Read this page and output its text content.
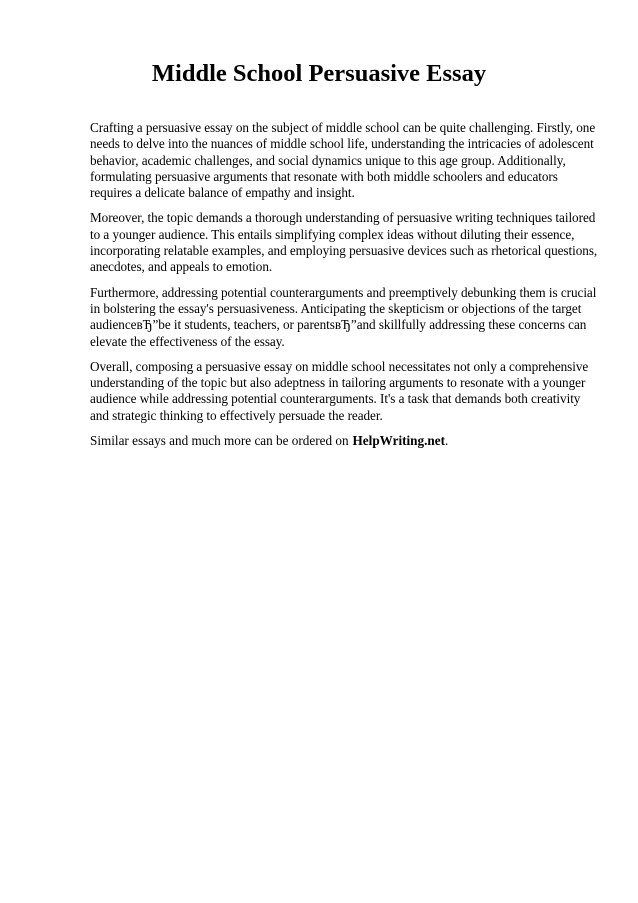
Middle School Persuasive Essay

Crafting a persuasive essay on the subject of middle school can be quite challenging. Firstly, one needs to delve into the nuances of middle school life, understanding the intricacies of adolescent behavior, academic challenges, and social dynamics unique to this age group. Additionally, formulating persuasive arguments that resonate with both middle schoolers and educators requires a delicate balance of empathy and insight.

Moreover, the topic demands a thorough understanding of persuasive writing techniques tailored to a younger audience. This entails simplifying complex ideas without diluting their essence, incorporating relatable examples, and employing persuasive devices such as rhetorical questions, anecdotes, and appeals to emotion.

Furthermore, addressing potential counterarguments and preemptively debunking them is crucial in bolstering the essay's persuasiveness. Anticipating the skepticism or objections of the target audienceвЂ”be it students, teachers, or parentsвЂ”and skillfully addressing these concerns can elevate the effectiveness of the essay.

Overall, composing a persuasive essay on middle school necessitates not only a comprehensive understanding of the topic but also adeptness in tailoring arguments to resonate with a younger audience while addressing potential counterarguments. It's a task that demands both creativity and strategic thinking to effectively persuade the reader.

Similar essays and much more can be ordered on HelpWriting.net.
